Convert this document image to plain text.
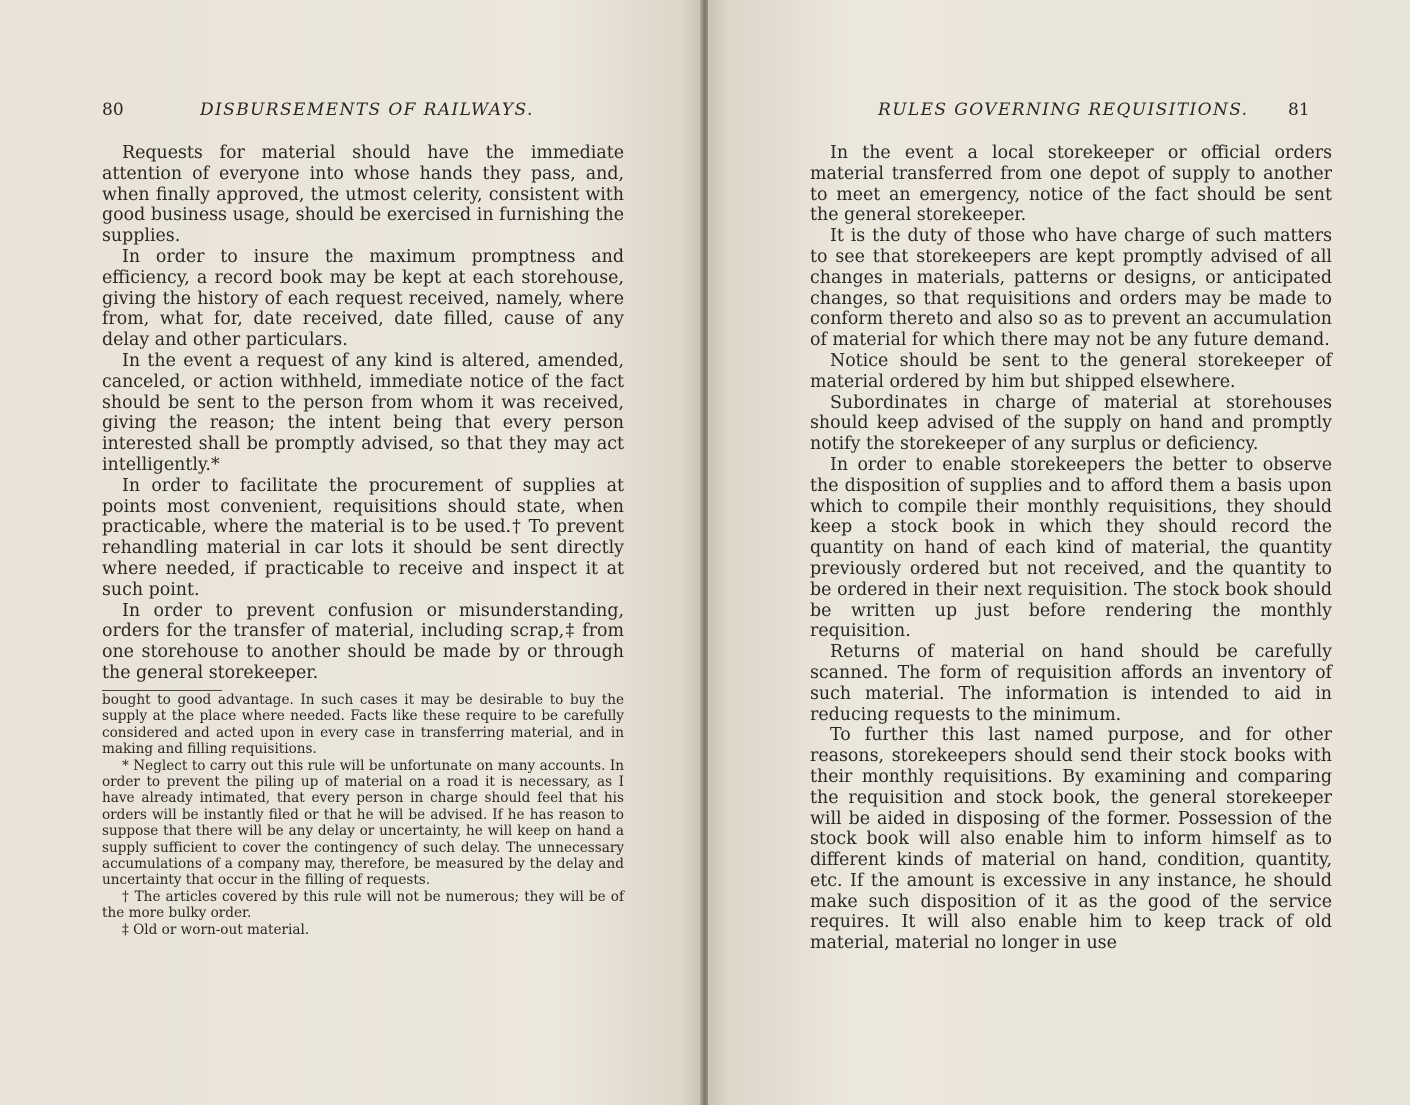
80	DISBURSEMENTS OF RAILWAYS.

Requests for material should have the immediate attention of everyone into whose hands they pass, and, when finally approved, the utmost celerity, consistent with good business usage, should be exercised in furnishing the supplies.

In order to insure the maximum promptness and efficiency, a record book may be kept at each storehouse, giving the history of each request received, namely, where from, what for, date received, date filled, cause of any delay and other particulars.

In the event a request of any kind is altered, amended, canceled, or action withheld, immediate notice of the fact should be sent to the person from whom it was received, giving the reason; the intent being that every person interested shall be promptly advised, so that they may act intelligently.*

In order to facilitate the procurement of supplies at points most convenient, requisitions should state, when practicable, where the material is to be used.† To prevent rehandling material in car lots it should be sent directly where needed, if practicable to receive and inspect it at such point.

In order to prevent confusion or misunderstanding, orders for the transfer of material, including scrap,‡ from one storehouse to another should be made by or through the general storekeeper.

bought to good advantage. In such cases it may be desirable to buy the supply at the place where needed. Facts like these require to be carefully considered and acted upon in every case in transferring material, and in making and filling requisitions.

* Neglect to carry out this rule will be unfortunate on many accounts. In order to prevent the piling up of material on a road it is necessary, as I have already intimated, that every person in charge should feel that his orders will be instantly filed or that he will be advised. If he has reason to suppose that there will be any delay or uncertainty, he will keep on hand a supply sufficient to cover the contingency of such delay. The unnecessary accumulations of a company may, therefore, be measured by the delay and uncertainty that occur in the filling of requests.

† The articles covered by this rule will not be numerous; they will be of the more bulky order.

‡ Old or worn-out material.

RULES GOVERNING REQUISITIONS. 81

In the event a local storekeeper or official orders material transferred from one depot of supply to another to meet an emergency, notice of the fact should be sent the general storekeeper.

It is the duty of those who have charge of such matters to see that storekeepers are kept promptly advised of all changes in materials, patterns or designs, or anticipated changes, so that requisitions and orders may be made to conform thereto and also so as to prevent an accumulation of material for which there may not be any future demand.

Notice should be sent to the general storekeeper of material ordered by him but shipped elsewhere.

Subordinates in charge of material at storehouses should keep advised of the supply on hand and promptly notify the storekeeper of any surplus or deficiency.

In order to enable storekeepers the better to observe the disposition of supplies and to afford them a basis upon which to compile their monthly requisitions, they should keep a stock book in which they should record the quantity on hand of each kind of material, the quantity previously ordered but not received, and the quantity to be ordered in their next requisition. The stock book should be written up just before rendering the monthly requisition.

Returns of material on hand should be carefully scanned. The form of requisition affords an inventory of such material. The information is intended to aid in reducing requests to the minimum.

To further this last named purpose, and for other reasons, storekeepers should send their stock books with their monthly requisitions. By examining and comparing the requisition and stock book, the general storekeeper will be aided in disposing of the former. Possession of the stock book will also enable him to inform himself as to different kinds of material on hand, condition, quantity, etc. If the amount is excessive in any instance, he should make such disposition of it as the good of the service requires. It will also enable him to keep track of old material, material no longer in use
